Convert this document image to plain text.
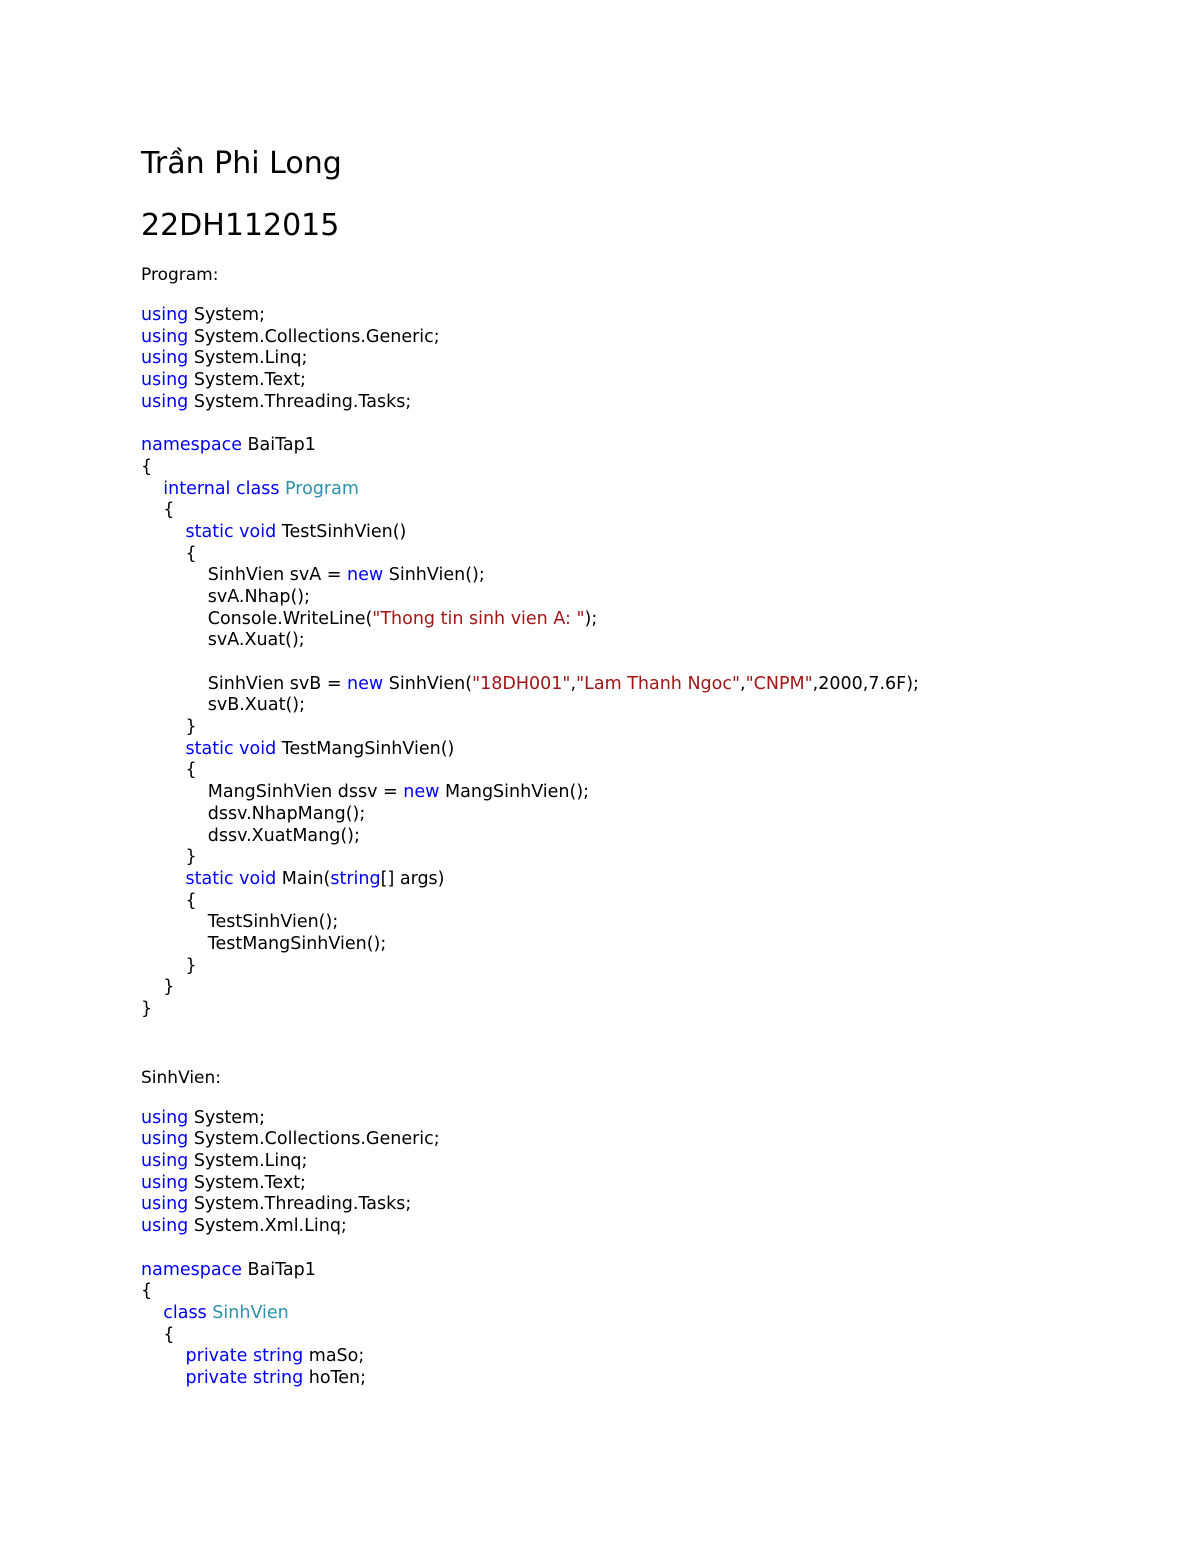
Trần Phi Long
22DH112015
Program:
using System;
using System.Collections.Generic;
using System.Linq;
using System.Text;
using System.Threading.Tasks;

namespace BaiTap1
{
internal class Program
{
static void TestSinhVien()
{
SinhVien svA = new SinhVien();
svA.Nhap();
Console.WriteLine("Thong tin sinh vien A: ");
svA.Xuat();

SinhVien svB = new SinhVien("18DH001","Lam Thanh Ngoc","CNPM",2000,7.6F);
svB.Xuat();
}
static void TestMangSinhVien()
{
MangSinhVien dssv = new MangSinhVien();
dssv.NhapMang();
dssv.XuatMang();
}
static void Main(string[] args)
{
TestSinhVien();
TestMangSinhVien();
}
}
}
SinhVien:
using System;
using System.Collections.Generic;
using System.Linq;
using System.Text;
using System.Threading.Tasks;
using System.Xml.Linq;

namespace BaiTap1
{
class SinhVien
{
private string maSo;
private string hoTen;
